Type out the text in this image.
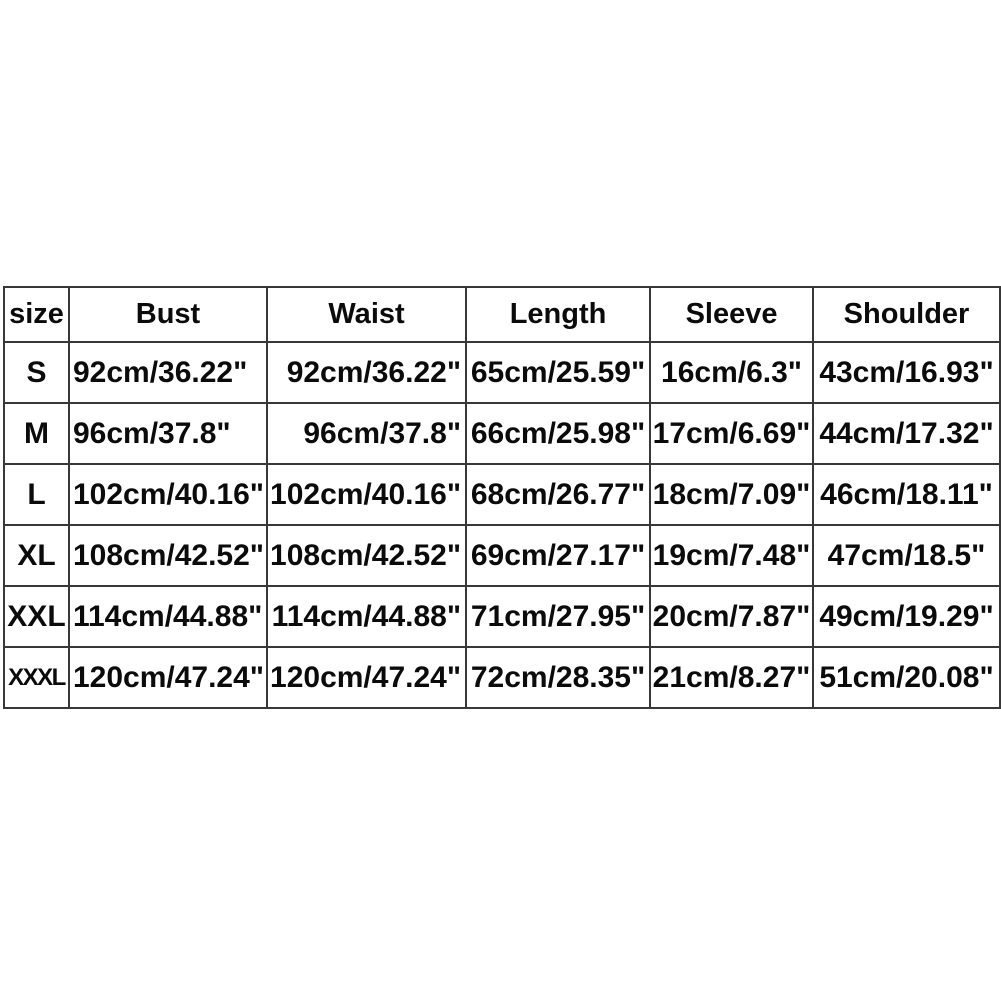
size	Bust	Waist	Length	Sleeve	Shoulder
S	92cm/36.22"	92cm/36.22"	65cm/25.59"	16cm/6.3"	43cm/16.93"
M	96cm/37.8"	96cm/37.8"	66cm/25.98"	17cm/6.69"	44cm/17.32"
L	102cm/40.16"	102cm/40.16"	68cm/26.77"	18cm/7.09"	46cm/18.11"
XL	108cm/42.52"	108cm/42.52"	69cm/27.17"	19cm/7.48"	47cm/18.5"
XXL	114cm/44.88"	114cm/44.88"	71cm/27.95"	20cm/7.87"	49cm/19.29"
XXXL	120cm/47.24"	120cm/47.24"	72cm/28.35"	21cm/8.27"	51cm/20.08"
